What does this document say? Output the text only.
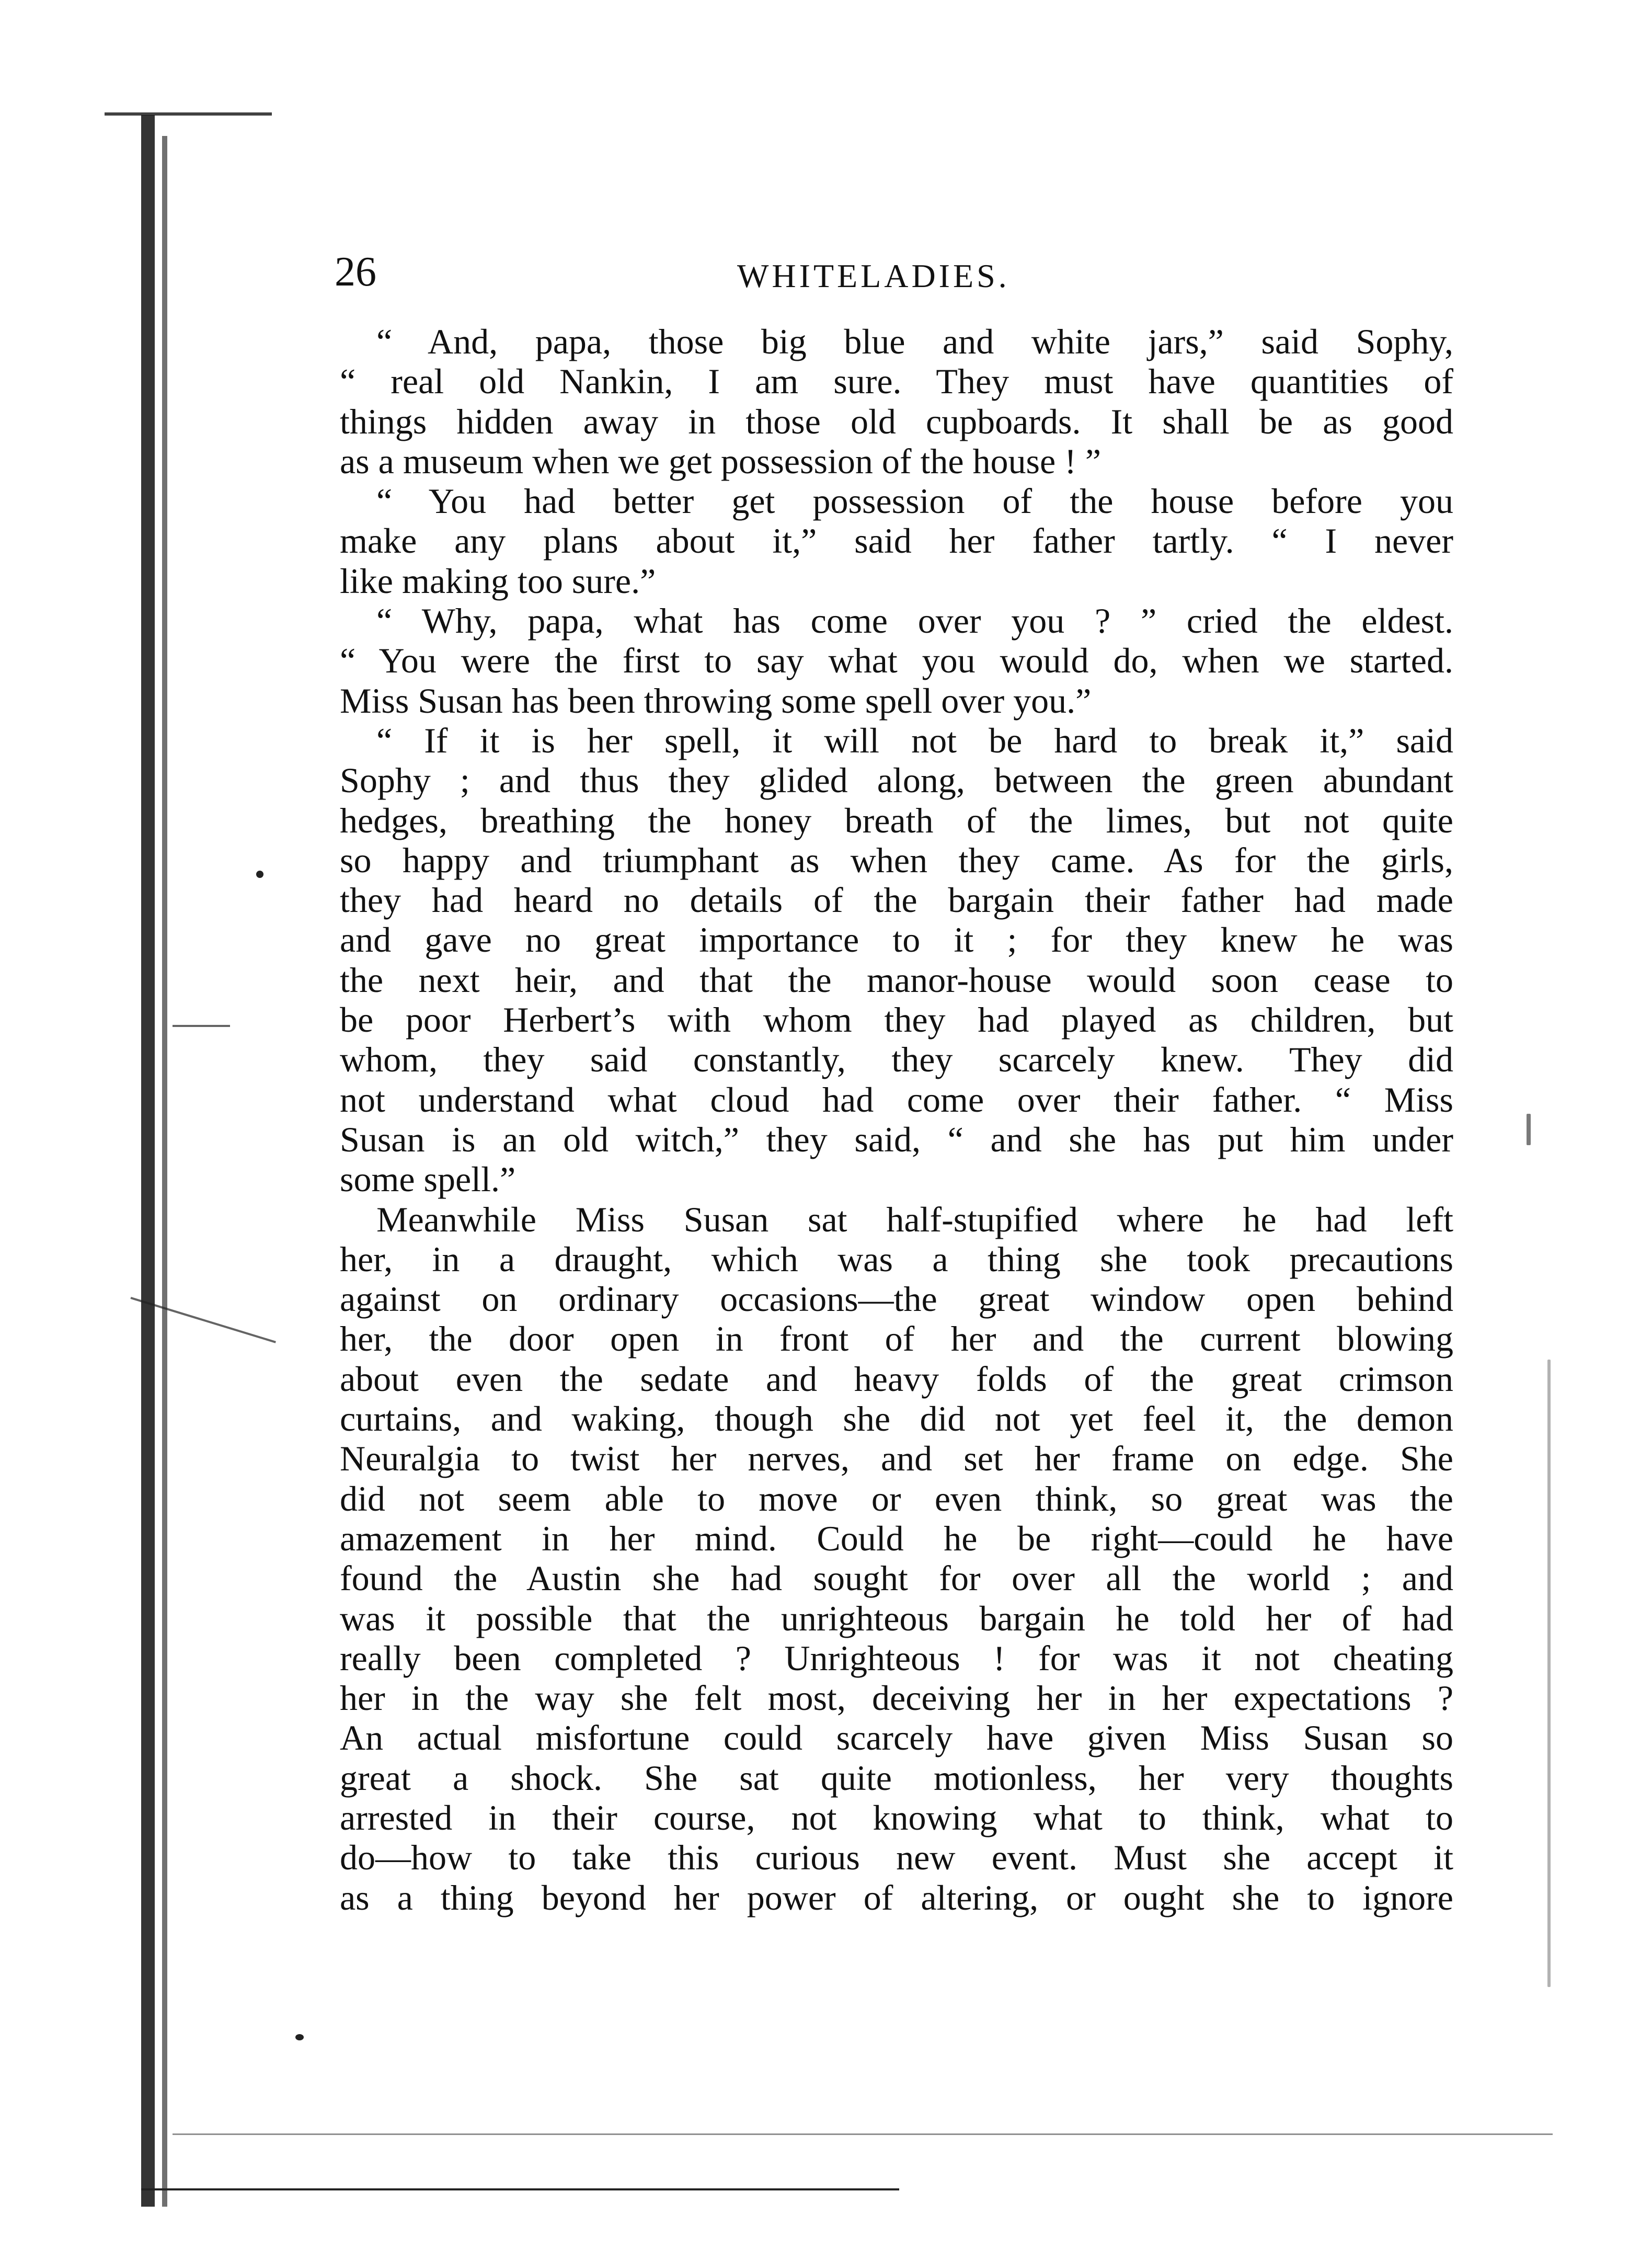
26	WHITELADIES.
“ And, papa, those big blue and white jars,” said Sophy,
“ real old Nankin, I am sure. They must have quantities of
things hidden away in those old cupboards. It shall be as good
as a museum when we get possession of the house ! ”
“ You had better get possession of the house before you
make any plans about it,” said her father tartly. “ I never
like making too sure.”
“ Why, papa, what has come over you ? ” cried the eldest.
“ You were the first to say what you would do, when we started.
Miss Susan has been throwing some spell over you.”
“ If it is her spell, it will not be hard to break it,” said
Sophy ; and thus they glided along, between the green abundant
hedges, breathing the honey breath of the limes, but not quite
so happy and triumphant as when they came. As for the girls,
they had heard no details of the bargain their father had made
and gave no great importance to it ; for they knew he was
the next heir, and that the manor-house would soon cease to
be poor Herbert’s with whom they had played as children, but
whom, they said constantly, they scarcely knew. They did
not understand what cloud had come over their father. “ Miss
Susan is an old witch,” they said, “ and she has put him under
some spell.”
Meanwhile Miss Susan sat half-stupified where he had left
her, in a draught, which was a thing she took precautions
against on ordinary occasions—the great window open behind
her, the door open in front of her and the current blowing
about even the sedate and heavy folds of the great crimson
curtains, and waking, though she did not yet feel it, the demon
Neuralgia to twist her nerves, and set her frame on edge. She
did not seem able to move or even think, so great was the
amazement in her mind. Could he be right—could he have
found the Austin she had sought for over all the world ; and
was it possible that the unrighteous bargain he told her of had
really been completed ? Unrighteous ! for was it not cheating
her in the way she felt most, deceiving her in her expectations ?
An actual misfortune could scarcely have given Miss Susan so
great a shock. She sat quite motionless, her very thoughts
arrested in their course, not knowing what to think, what to
do—how to take this curious new event. Must she accept it
as a thing beyond her power of altering, or ought she to ignore
